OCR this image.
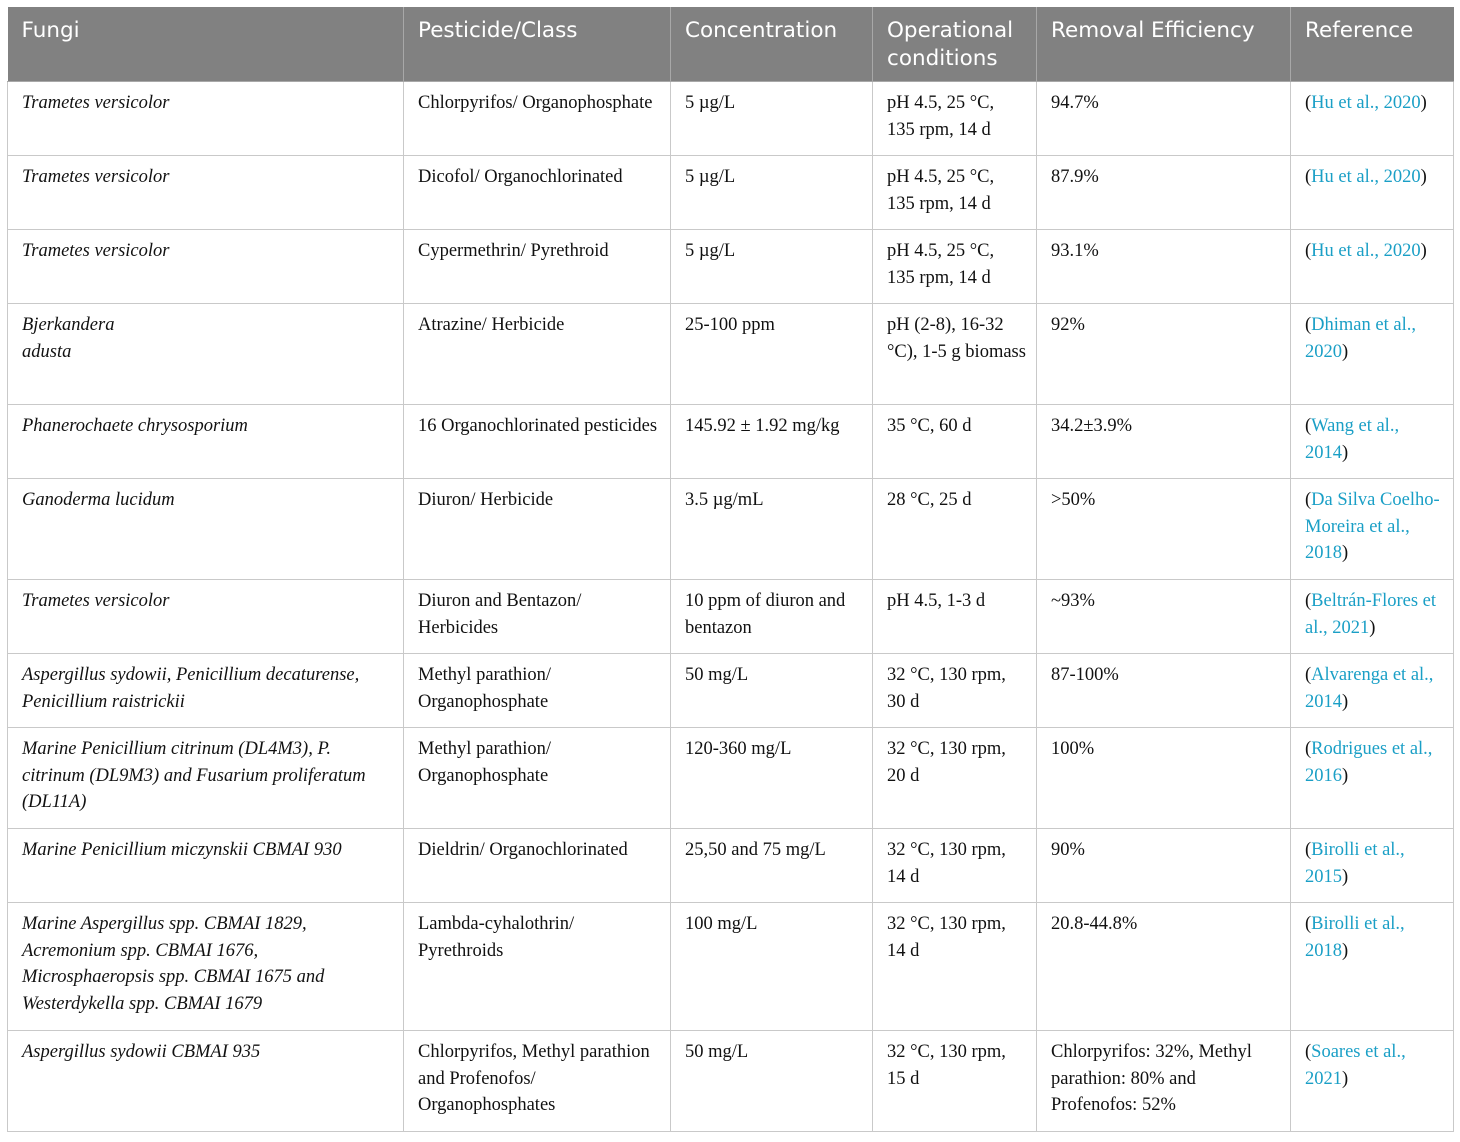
Fungi	Pesticide/Class	Concentration	Operational conditions	Removal Efficiency	Reference
Trametes versicolor	Chlorpyrifos/ Organophosphate	5 µg/L	pH 4.5, 25 °C, 135 rpm, 14 d	94.7%	(Hu et al., 2020)
Trametes versicolor	Dicofol/ Organochlorinated	5 µg/L	pH 4.5, 25 °C, 135 rpm, 14 d	87.9%	(Hu et al., 2020)
Trametes versicolor	Cypermethrin/ Pyrethroid	5 µg/L	pH 4.5, 25 °C, 135 rpm, 14 d	93.1%	(Hu et al., 2020)
Bjerkandera adusta	Atrazine/ Herbicide	25-100 ppm	pH (2-8), 16-32 °C), 1-5 g biomass	92%	(Dhiman et al., 2020)
Phanerochaete chrysosporium	16 Organochlorinated pesticides	145.92 ± 1.92 mg/kg	35 °C, 60 d	34.2±3.9%	(Wang et al., 2014)
Ganoderma lucidum	Diuron/ Herbicide	3.5 µg/mL	28 °C, 25 d	>50%	(Da Silva Coelho-Moreira et al., 2018)
Trametes versicolor	Diuron and Bentazon/ Herbicides	10 ppm of diuron and bentazon	pH 4.5, 1-3 d	~93%	(Beltrán-Flores et al., 2021)
Aspergillus sydowii, Penicillium decaturense, Penicillium raistrickii	Methyl parathion/ Organophosphate	50 mg/L	32 °C, 130 rpm, 30 d	87-100%	(Alvarenga et al., 2014)
Marine Penicillium citrinum (DL4M3), P. citrinum (DL9M3) and Fusarium proliferatum (DL11A)	Methyl parathion/ Organophosphate	120-360 mg/L	32 °C, 130 rpm, 20 d	100%	(Rodrigues et al., 2016)
Marine Penicillium miczynskii CBMAI 930	Dieldrin/ Organochlorinated	25,50 and 75 mg/L	32 °C, 130 rpm, 14 d	90%	(Birolli et al., 2015)
Marine Aspergillus spp. CBMAI 1829, Acremonium spp. CBMAI 1676, Microsphaeropsis spp. CBMAI 1675 and Westerdykella spp. CBMAI 1679	Lambda-cyhalothrin/ Pyrethroids	100 mg/L	32 °C, 130 rpm, 14 d	20.8-44.8%	(Birolli et al., 2018)
Aspergillus sydowii CBMAI 935	Chlorpyrifos, Methyl parathion and Profenofos/ Organophosphates	50 mg/L	32 °C, 130 rpm, 15 d	Chlorpyrifos: 32%, Methyl parathion: 80% and Profenofos: 52%	(Soares et al., 2021)
